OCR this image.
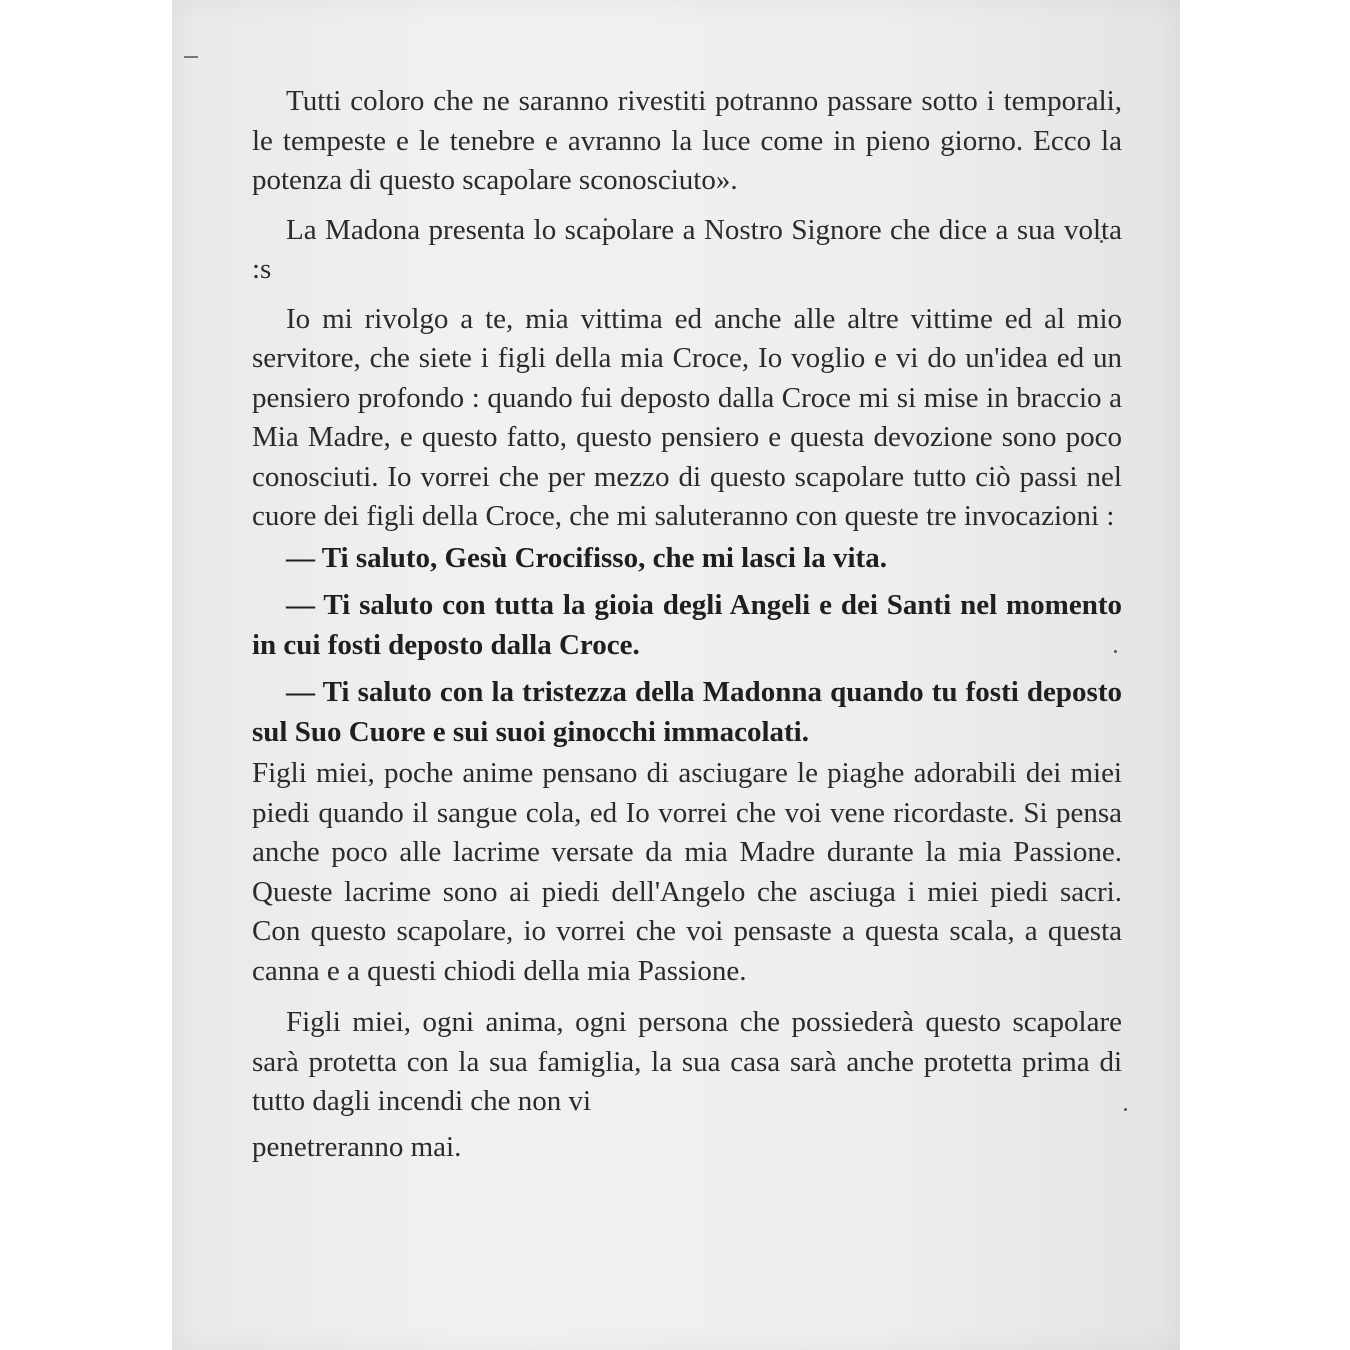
Tutti coloro che ne saranno rivestiti potranno passare sotto i temporali, le tempeste e le tenebre e avranno la luce come in pieno giorno. Ecco la potenza di questo scapolare sconosciuto».

La Madona presenta lo scapolare a Nostro Signore che dice a sua volta :s

Io mi rivolgo a te, mia vittima ed anche alle altre vittime ed al mio servitore, che siete i figli della mia Croce, Io voglio e vi do un'idea ed un pensiero profondo : quando fui deposto dalla Croce mi si mise in braccio a Mia Madre, e questo fatto, questo pensiero e questa devozione sono poco conosciuti. Io vorrei che per mezzo di questo scapolare tutto ciò passi nel cuore dei figli della Croce, che mi saluteranno con queste tre invocazioni :

— Ti saluto, Gesù Crocifisso, che mi lasci la vita.

— Ti saluto con tutta la gioia degli Angeli e dei Santi nel momento in cui fosti deposto dalla Croce.

— Ti saluto con la tristezza della Madonna quando tu fosti deposto sul Suo Cuore e sui suoi ginocchi immacolati.

Figli miei, poche anime pensano di asciugare le piaghe adorabili dei miei piedi quando il sangue cola, ed Io vorrei che voi vene ricordaste. Si pensa anche poco alle lacrime versate da mia Madre durante la mia Passione. Queste lacrime sono ai piedi dell'Angelo che asciuga i miei piedi sacri. Con questo scapolare, io vorrei che voi pensaste a questa scala, a questa canna e a questi chiodi della mia Passione.

Figli miei, ogni anima, ogni persona che possiederà questo scapolare sarà protetta con la sua famiglia, la sua casa sarà anche protetta prima di tutto dagli incendi che non vi

penetreranno mai.
